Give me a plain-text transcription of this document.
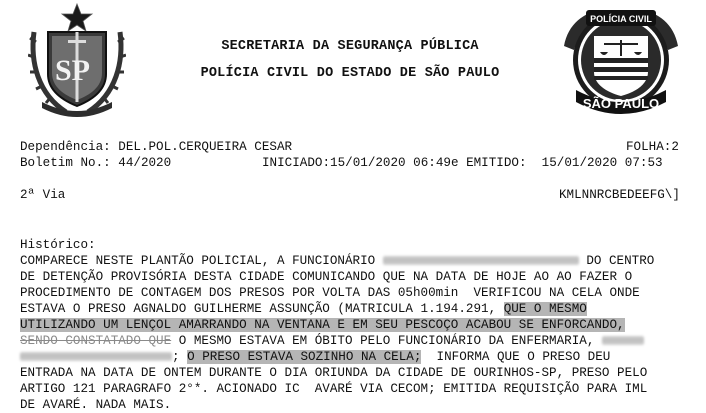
SP
SECRETARIA DA SEGURANÇA PÚBLICA
POLÍCIA CIVIL DO ESTADO DE SÃO PAULO
POLÍCIA CIVIL
SÃO PAULO
Dependência: DEL.POL.CERQUEIRA CESAR	FOLHA:2
Boletim No.: 44/2020	INICIADO:15/01/2020 06:49e EMITIDO: 15/01/2020 07:53
2ª Via	KMLNNRCBEDEEFG\]
Histórico:
COMPARECE NESTE PLANTÃO POLICIAL, A FUNCIONÁRIO	DO CENTRO
DE DETENÇÃO PROVISÓRIA DESTA CIDADE COMUNICANDO QUE NA DATA DE HOJE AO AO FAZER O
PROCEDIMENTO DE CONTAGEM DOS PRESOS POR VOLTA DAS 05h00min  VERIFICOU NA CELA ONDE
ESTAVA O PRESO AGNALDO GUILHERME ASSUNÇÃO (MATRICULA 1.194.291, QUE O MESMO
UTILIZANDO UM LENÇOL AMARRANDO NA VENTANA E EM SEU PESCOÇO ACABOU SE ENFORCANDO,
SENDO CONSTATADO QUE O MESMO ESTAVA EM ÓBITO PELO FUNCIONÁRIO DA ENFERMARIA,
; O PRESO ESTAVA SOZINHO NA CELA;  INFORMA QUE O PRESO DEU
ENTRADA NA DATA DE ONTEM DURANTE O DIA ORIUNDA DA CIDADE DE OURINHOS-SP, PRESO PELO
ARTIGO 121 PARAGRAFO 2°*. ACIONADO IC  AVARÉ VIA CECOM; EMITIDA REQUISIÇÃO PARA IML
DE AVARÉ. NADA MAIS.
